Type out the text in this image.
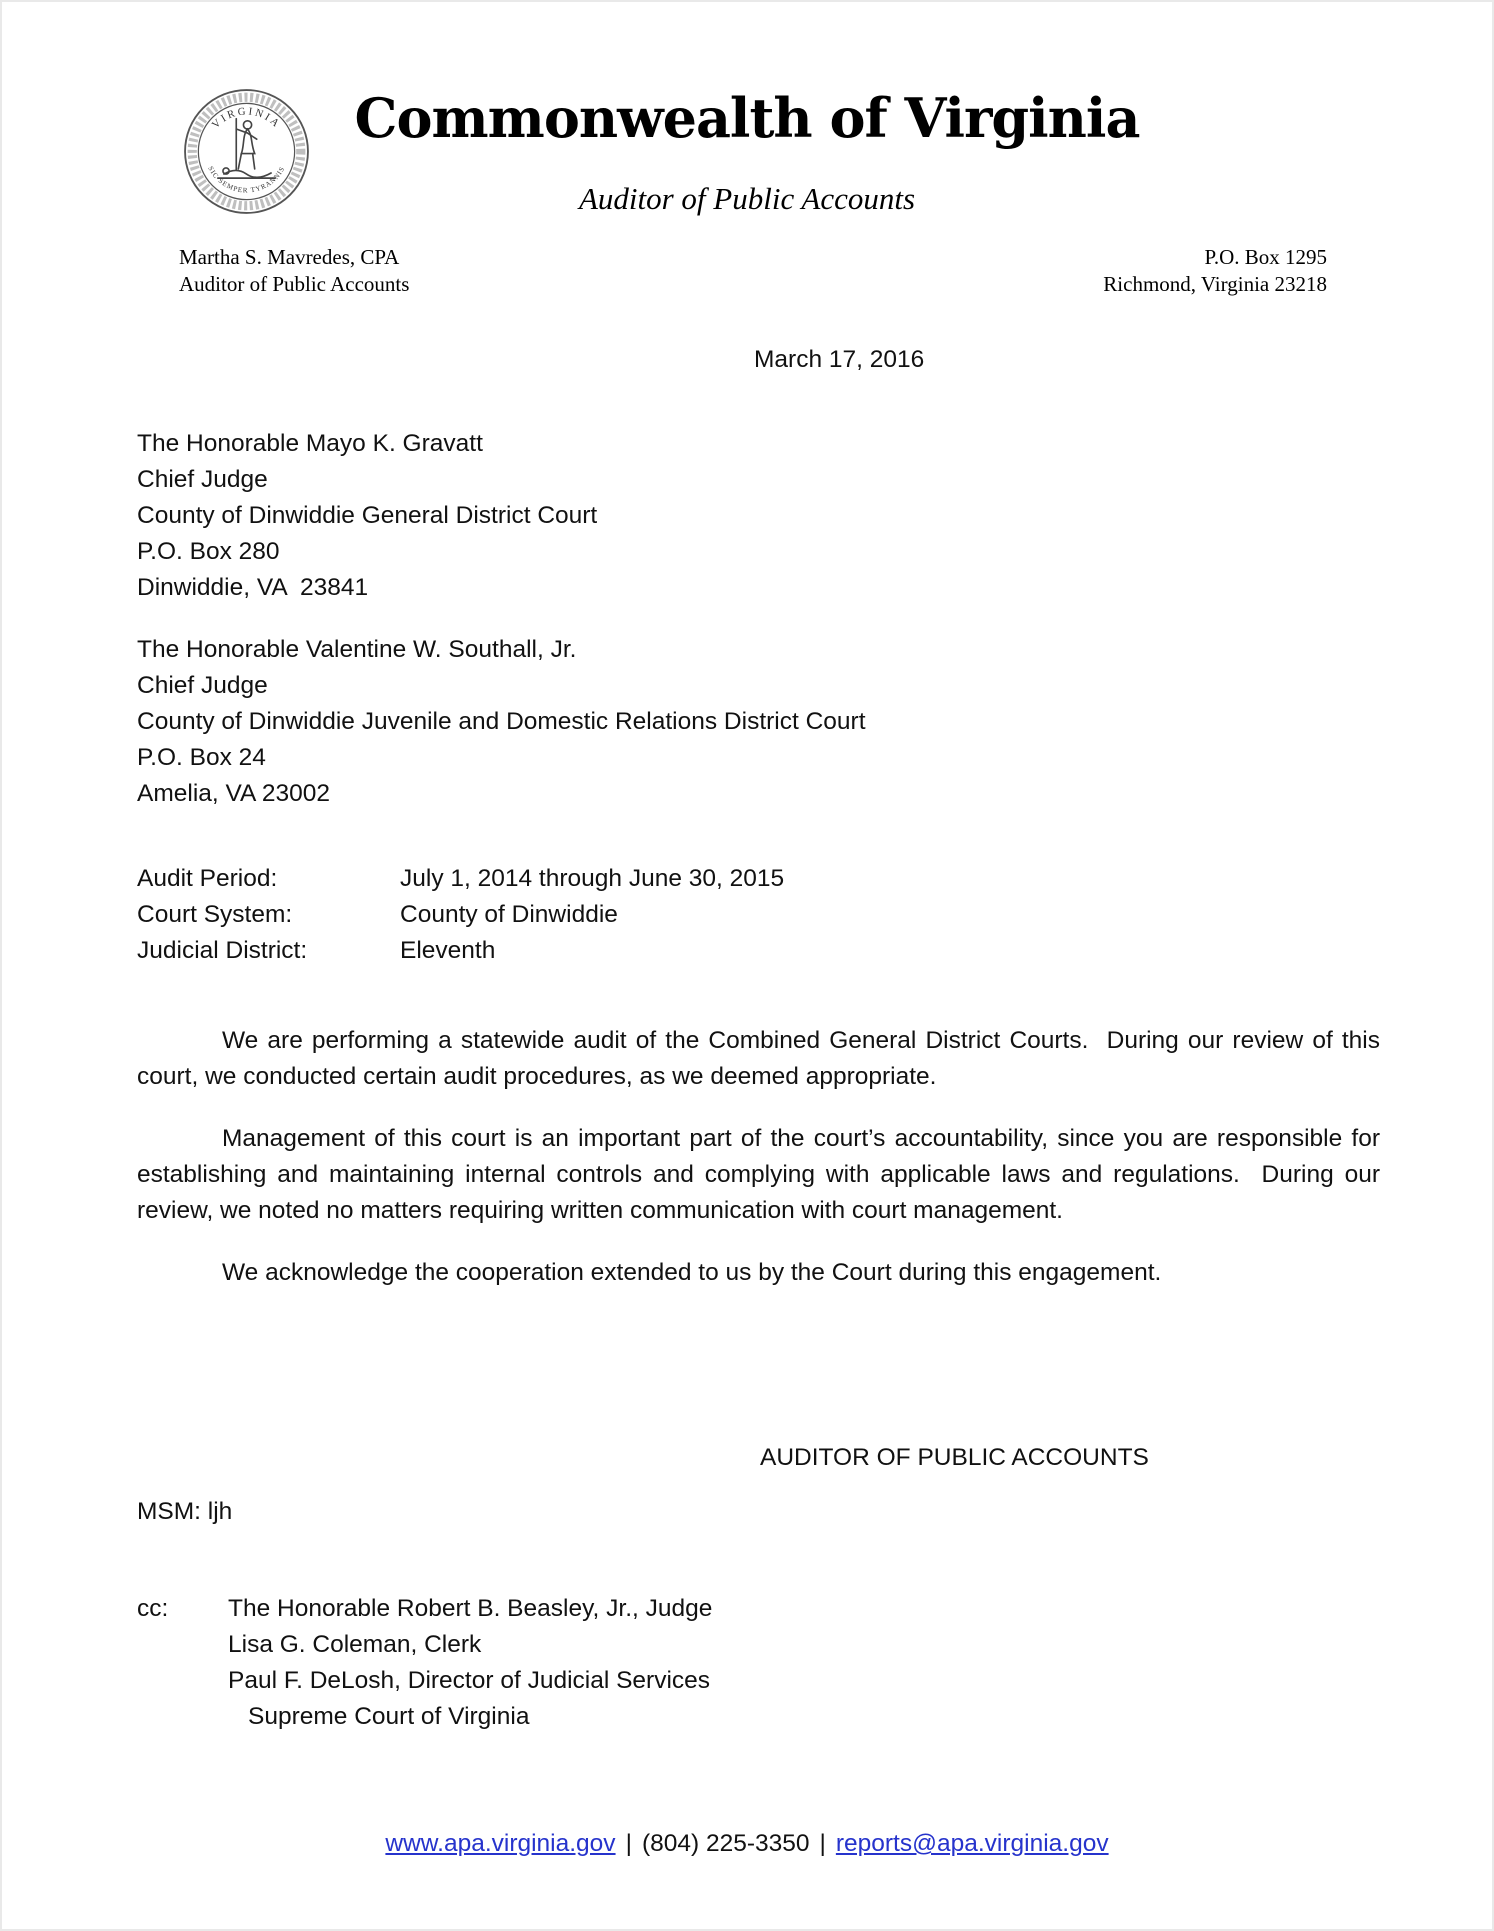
VIRGINIA
SIC SEMPER TYRANNIS
Commonwealth of Virginia
Auditor of Public Accounts
Martha S. Mavredes, CPA
Auditor of Public Accounts
P.O. Box 1295
Richmond, Virginia 23218
March 17, 2016
The Honorable Mayo K. Gravatt
Chief Judge
County of Dinwiddie General District Court
P.O. Box 280
Dinwiddie, VA  23841
The Honorable Valentine W. Southall, Jr.
Chief Judge
County of Dinwiddie Juvenile and Domestic Relations District Court
P.O. Box 24
Amelia, VA 23002
Audit Period:	July 1, 2014 through June 30, 2015
Court System:	County of Dinwiddie
Judicial District:	Eleventh

We are performing a statewide audit of the Combined General District Courts.  During our review of this court, we conducted certain audit procedures, as we deemed appropriate.

Management of this court is an important part of the court’s accountability, since you are responsible for establishing and maintaining internal controls and complying with applicable laws and regulations.  During our review, we noted no matters requiring written communication with court management.

We acknowledge the cooperation extended to us by the Court during this engagement.

AUDITOR OF PUBLIC ACCOUNTS
MSM: ljh
cc:	The Honorable Robert B. Beasley, Jr., Judge
Lisa G. Coleman, Clerk
Paul F. DeLosh, Director of Judicial Services
Supreme Court of Virginia
www.apa.virginia.gov | (804) 225-3350 | reports@apa.virginia.gov
